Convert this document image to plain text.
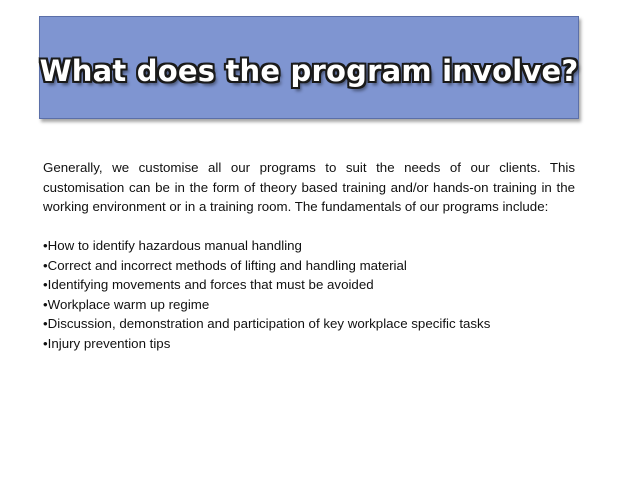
What does the program involve?

Generally, we customise all our programs to suit the needs of our clients. This customisation can be in the form of theory based training and/or hands-on training in the working environment or in a training room. The fundamentals of our programs include:

•How to identify hazardous manual handling
•Correct and incorrect methods of lifting and handling material
•Identifying movements and forces that must be avoided
•Workplace warm up regime
•Discussion, demonstration and participation of key workplace specific tasks
•Injury prevention tips
